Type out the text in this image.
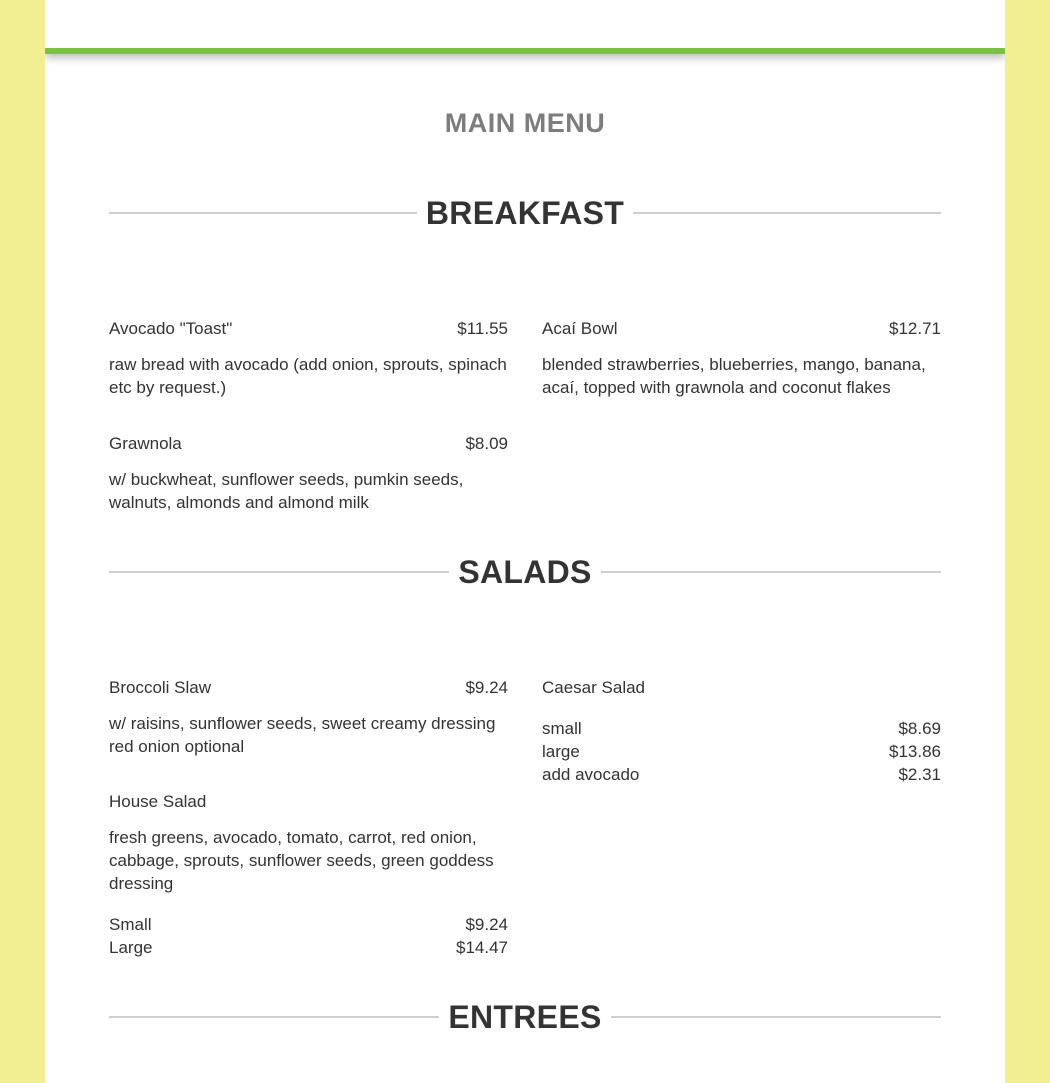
MAIN MENU
BREAKFAST
Avocado "Toast"	$11.55
raw bread with avocado (add onion, sprouts, spinach etc by request.)
Grawnola	$8.09
w/ buckwheat, sunflower seeds, pumkin seeds, walnuts, almonds and almond milk
Acaí Bowl	$12.71
blended strawberries, blueberries, mango, banana, acaí, topped with grawnola and coconut flakes
SALADS
Broccoli Slaw	$9.24
w/ raisins, sunflower seeds, sweet creamy dressing red onion optional
House Salad
fresh greens, avocado, tomato, carrot, red onion, cabbage, sprouts, sunflower seeds, green goddess dressing
Small	$9.24
Large	$14.47
Caesar Salad
small	$8.69
large	$13.86
add avocado	$2.31
ENTREES
